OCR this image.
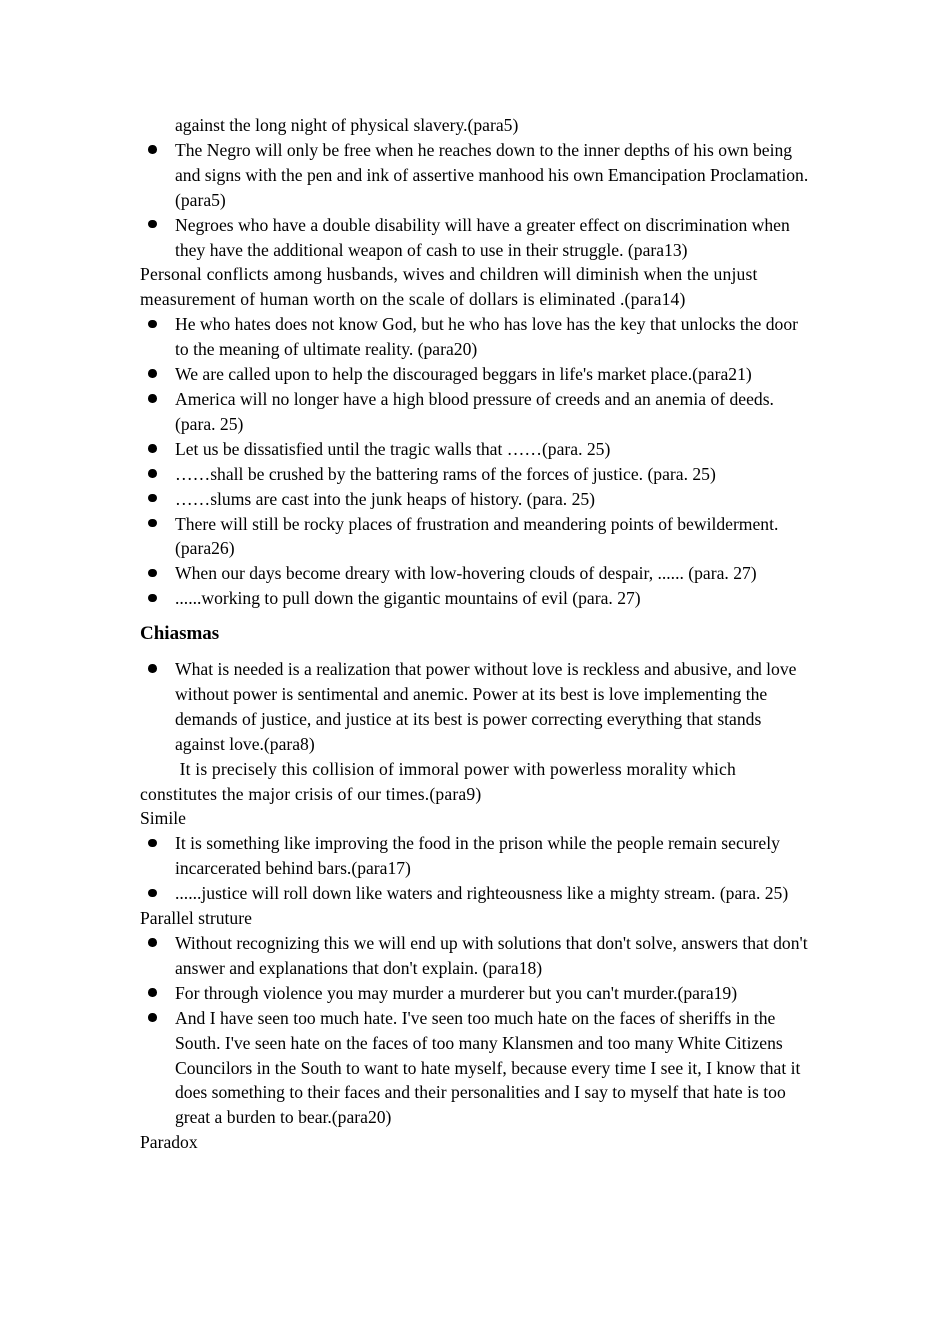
against the long night of physical slavery.(para5)
The Negro will only be free when he reaches down to the inner depths of his own being and signs with the pen and ink of assertive manhood his own Emancipation Proclamation.(para5)
Negroes who have a double disability will have a greater effect on discrimination when they have the additional weapon of cash to use in their struggle. (para13)
Personal conflicts among husbands, wives and children will diminish when the unjust measurement of human worth on the scale of dollars is eliminated .(para14)
He who hates does not know God, but he who has love has the key that unlocks the door to the meaning of ultimate reality. (para20)
We are called upon to help the discouraged beggars in life's market place.(para21)
America will no longer have a high blood pressure of creeds and an anemia of deeds. (para. 25)
Let us be dissatisfied until the tragic walls that ……(para. 25)
……shall be crushed by the battering rams of the forces of justice. (para. 25)
……slums are cast into the junk heaps of history. (para. 25)
There will still be rocky places of frustration and meandering points of bewilderment.(para26)
When our days become dreary with low-hovering clouds of despair, ...... (para. 27)
......working to pull down the gigantic mountains of evil (para. 27)
Chiasmas
What is needed is a realization that power without love is reckless and abusive, and love without power is sentimental and anemic. Power at its best is love implementing the demands of justice, and justice at its best is power correcting everything that stands against love.(para8)
It is precisely this collision of immoral power with powerless morality which constitutes the major crisis of our times.(para9)
Simile
It is something like improving the food in the prison while the people remain securely incarcerated behind bars.(para17)
......justice will roll down like waters and righteousness like a mighty stream. (para. 25)
Parallel struture
Without recognizing this we will end up with solutions that don't solve, answers that don't answer and explanations that don't explain. (para18)
For through violence you may murder a murderer but you can't murder.(para19)
And I have seen too much hate. I've seen too much hate on the faces of sheriffs in the South. I've seen hate on the faces of too many Klansmen and too many White Citizens Councilors in the South to want to hate myself, because every time I see it, I know that it does something to their faces and their personalities and I say to myself that hate is too great a burden to bear.(para20)
Paradox
